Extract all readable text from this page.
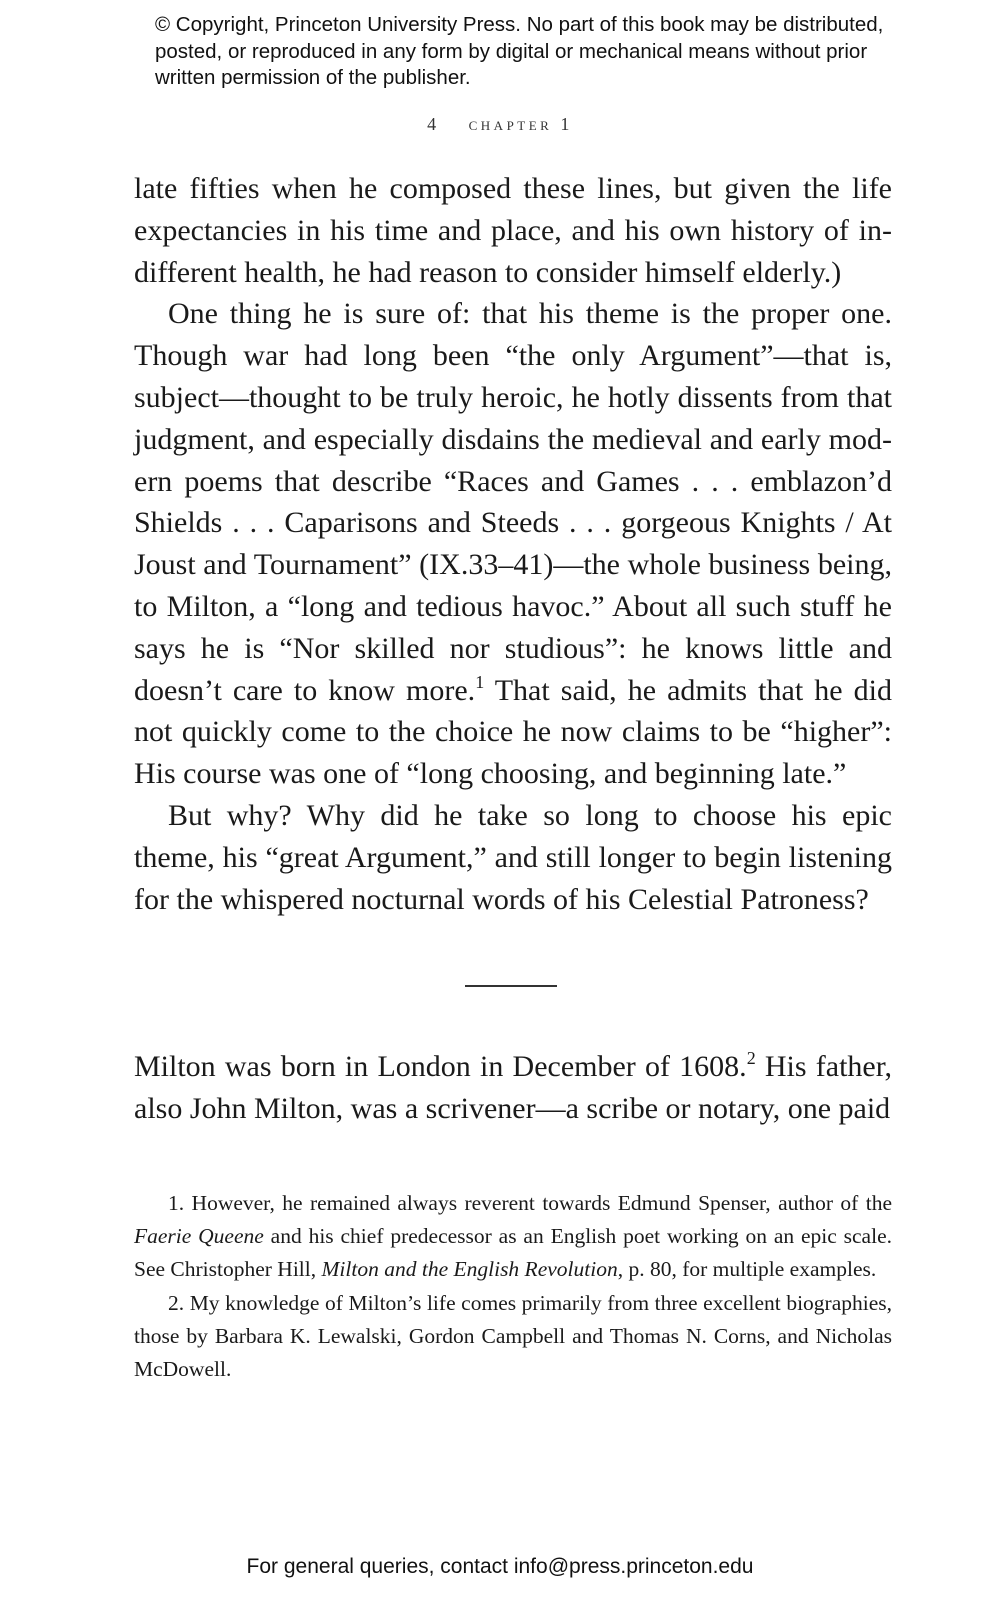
© Copyright, Princeton University Press. No part of this book may be distributed, posted, or reproduced in any form by digital or mechanical means without prior written permission of the publisher.
4 chapter 1

late fifties when he composed these lines, but given the life expectancies in his time and place, and his own history of indifferent health, he had reason to consider himself elderly.)

One thing he is sure of: that his theme is the proper one. Though war had long been “the only Argument”—that is, subject—thought to be truly heroic, he hotly dissents from that judgment, and especially disdains the medieval and early modern poems that describe “Races and Games . . . emblazon’d Shields . . . Caparisons and Steeds . . . gorgeous Knights / At Joust and Tournament” (IX.33–41)—the whole business being, to Milton, a “long and tedious havoc.” About all such stuff he says he is “Nor skilled nor studious”: he knows little and doesn’t care to know more.$^1$ That said, he admits that he did not quickly come to the choice he now claims to be “higher”: His course was one of “long choosing, and beginning late.”

But why? Why did he take so long to choose his epic theme, his “great Argument,” and still longer to begin listening for the whispered nocturnal words of his Celestial Patroness?

Milton was born in London in December of 1608.$^2$ His father, also John Milton, was a scrivener—a scribe or notary, one paid

1. However, he remained always reverent towards Edmund Spenser, author of the Faerie Queene and his chief predecessor as an English poet working on an epic scale. See Christopher Hill, Milton and the English Revolution, p. 80, for multiple examples.

2. My knowledge of Milton’s life comes primarily from three excellent biographies, those by Barbara K. Lewalski, Gordon Campbell and Thomas N. Corns, and Nicholas McDowell.

For general queries, contact info@press.princeton.edu
